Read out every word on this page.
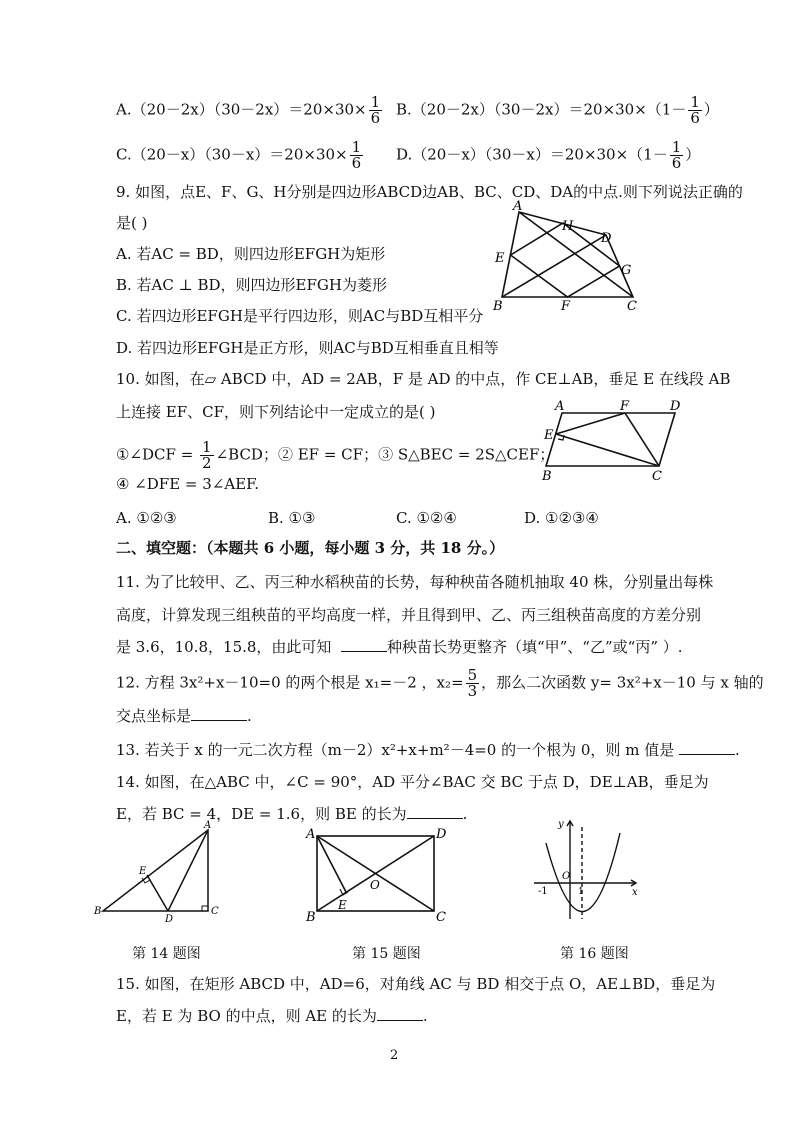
$A.(20-2x)(30-2x)=20\times 30\times \frac{1}{6} B.(20-2x)(30-2x)=20\times 30\times(1- \frac{1}{6}$ ）
$C.(20-x)(30-x)=20\times 30\times \frac{1}{6} D.(20-x)(30-x)=20\times 30\times(1- \frac{1}{6}$ ）
9. 如图，点E、F、G、H分别是四边形ABCD边AB、BC、CD、DA的中点.则下列说法正确的
是( )
A. 若AC = BD，则四边形EFGH为矩形
B. 若AC ⊥ BD，则四边形EFGH为菱形
C. 若四边形EFGH是平行四边形，则AC与BD互相平分
D. 若四边形EFGH是正方形，则AC与BD互相垂直且相等
A
H
D
E
G
B	F	C
10. 如图，在▱ ABCD 中，AD = 2AB，F 是 AD 的中点，作 CE⊥AB，垂足 E 在线段 AB
上连接 EF、CF，则下列结论中一定成立的是( )
①∠DCF = $\frac{1}{2}$ ∠BCD；② EF = CF；③ S△BEC = 2S△CEF；
④ ∠DFE = 3∠AEF.
A. ①②③	B. ①③	C. ①②④	D. ①②③④
A	F	D
E
B	C
二、填空题：（本题共 6 小题，每小题 3 分，共 18 分。）
11. 为了比较甲、乙、丙三种水稻秧苗的长势，每种秧苗各随机抽取 40 株，分别量出每株
高度，计算发现三组秧苗的平均高度一样，并且得到甲、乙、丙三组秧苗高度的方差分别
是 3.6，10.8，15.8，由此可知	种秧苗长势更整齐（填“甲”、“乙”或“丙” ）.
12. 方程 3x²+x－10=0 的两个根是 x₁=－2 ，$x_2= \frac{5}{3}$ ，那么二次函数 y= 3x²+x－10 与 x 轴的
交点坐标是	.
13. 若关于 x 的一元二次方程（m－2）x²+x+m²－4=0 的一个根为 0，则 m 值是	.
14. 如图，在△ABC 中，∠C = 90°，AD 平分∠BAC 交 BC 于点 D，DE⊥AB，垂足为
E，若 BC = 4，DE = 1.6，则 BE 的长为	.
A
E
B
D
C
A	D
O
B
E
C
y
x
O
-1	1
第 14 题图	第 15 题图	第 16 题图
15. 如图，在矩形 ABCD 中，AD=6，对角线 AC 与 BD 相交于点 O，AE⊥BD，垂足为
E，若 E 为 BO 的中点，则 AE 的长为	.
2
